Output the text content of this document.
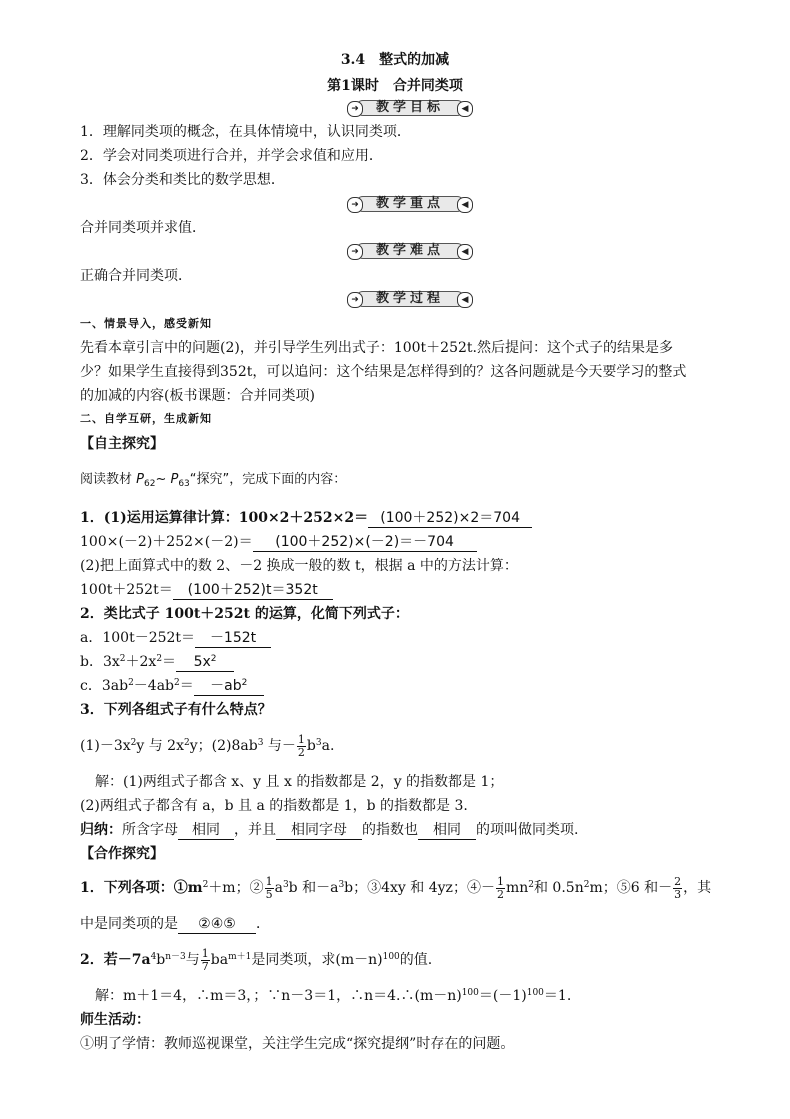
3.4　整式的加减
第1课时　合并同类项
➜	教学目标	◀
1．理解同类项的概念，在具体情境中，认识同类项．
2．学会对同类项进行合并，并学会求值和应用．
3．体会分类和类比的数学思想．
➜	教学重点	◀
合并同类项并求值．
➜	教学难点	◀
正确合并同类项．
➜	教学过程	◀
一、情景导入，感受新知
先看本章引言中的问题(2)，并引导学生列出式子：100t＋252t.然后提问：这个式子的结果是多
少？如果学生直接得到352t，可以追问：这个结果是怎样得到的？这各问题就是今天要学习的整式
的加减的内容(板书课题：合并同类项)
二、自学互研，生成新知
【自主探究】
阅读教材 $P_{62}\sim$ $P_{63}“$探究”，完成下面的内容：
1．(1)运用运算律计算：100×2＋252×2＝ (100＋252)×2＝704
100×(－2)＋252×(－2)＝ (100＋252)×(－2)＝－704
(2)把上面算式中的数 2、－2 换成一般的数 t，根据 a 中的方法计算：
100t＋252t＝ (100＋252)t＝352t
2．类比式子 100t＋252t 的运算，化简下列式子：
a．100t－252t＝ －152t
b．$3x^2+2x^2= 5x^2$
c．$3ab^2-4ab^2= -ab^2$
3．下列各组式子有什么特点？
$(1)-3x^2y$ 与 $2x^2y$；$(2)8ab^3$ 与－ $\frac{1}{2} b^3a$.
解：(1)两组式子都含 x、y 且 x 的指数都是 2，y 的指数都是 1；
(2)两组式子都含有 a，b 且 a 的指数都是 1，b 的指数都是 3.
归纳：所含字母 相同 ，并且 相同字母 的指数也 相同 的项叫做同类项.
【合作探究】
1．下列各项：$①m^2+m$；② $\frac{1}{5} a^3b$ 和$-a^3b$；③4xy 和 4yz；④－ $\frac{1}{2} mn^2$和 $0.5n^2m$；⑤6 和－ $\frac{2}{3}$ ，其
中是同类项的是 ②④⑤ ．
2．若$-7a^4b^{n-3}$与 $\frac{1}{7} ba^{m+1}$是同类项，求$(m-n)^{100}$的值.
解：m＋1＝4，∴m＝3，；∵n－3＝1，$\therefore n=4.\therefore(m-n)^{100}=(-1)^{100}=1$.
师生活动：
①明了学情：教师巡视课堂，关注学生完成“探究提纲”时存在的问题。
